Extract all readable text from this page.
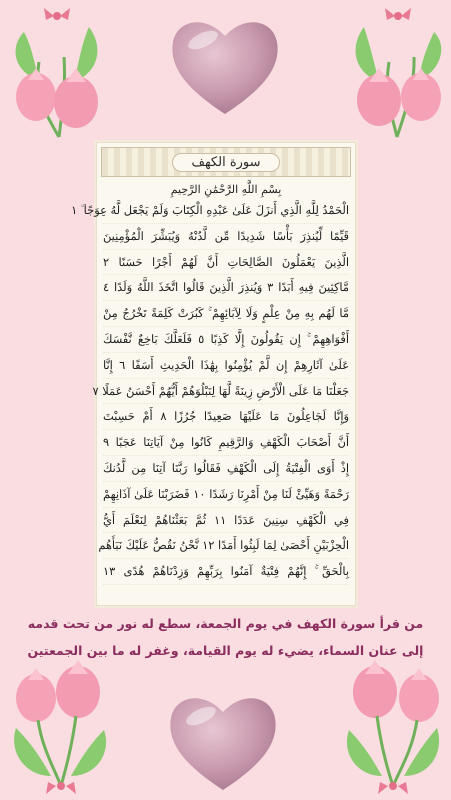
سورة الكهف
بِسْمِ اللَّهِ الرَّحْمَٰنِ الرَّحِيمِ
الْحَمْدُ لِلَّهِ الَّذِي أَنزَلَ عَلَىٰ عَبْدِهِ الْكِتَابَ وَلَمْ يَجْعَل لَّهُ عِوَجًا ۜ ١
قَيِّمًا لِّيُنذِرَ بَأْسًا شَدِيدًا مِّن لَّدُنْهُ وَيُبَشِّرَ الْمُؤْمِنِينَ
الَّذِينَ يَعْمَلُونَ الصَّالِحَاتِ أَنَّ لَهُمْ أَجْرًا حَسَنًا ٢
مَّاكِثِينَ فِيهِ أَبَدًا ٣ وَيُنذِرَ الَّذِينَ قَالُوا اتَّخَذَ اللَّهُ وَلَدًا ٤
مَّا لَهُم بِهِ مِنْ عِلْمٍ وَلَا لِآبَائِهِمْ ۚ كَبُرَتْ كَلِمَةً تَخْرُجُ مِنْ
أَفْوَاهِهِمْ ۚ إِن يَقُولُونَ إِلَّا كَذِبًا ٥ فَلَعَلَّكَ بَاخِعٌ نَّفْسَكَ
عَلَىٰ آثَارِهِمْ إِن لَّمْ يُؤْمِنُوا بِهَٰذَا الْحَدِيثِ أَسَفًا ٦ إِنَّا
جَعَلْنَا مَا عَلَى الْأَرْضِ زِينَةً لَّهَا لِنَبْلُوَهُمْ أَيُّهُمْ أَحْسَنُ عَمَلًا ٧
وَإِنَّا لَجَاعِلُونَ مَا عَلَيْهَا صَعِيدًا جُرُزًا ٨ أَمْ حَسِبْتَ
أَنَّ أَصْحَابَ الْكَهْفِ وَالرَّقِيمِ كَانُوا مِنْ آيَاتِنَا عَجَبًا ٩
إِذْ أَوَى الْفِتْيَةُ إِلَى الْكَهْفِ فَقَالُوا رَبَّنَا آتِنَا مِن لَّدُنكَ
رَحْمَةً وَهَيِّئْ لَنَا مِنْ أَمْرِنَا رَشَدًا ١٠ فَضَرَبْنَا عَلَىٰ آذَانِهِمْ
فِي الْكَهْفِ سِنِينَ عَدَدًا ١١ ثُمَّ بَعَثْنَاهُمْ لِنَعْلَمَ أَيُّ
الْحِزْبَيْنِ أَحْصَىٰ لِمَا لَبِثُوا أَمَدًا ١٢ نَّحْنُ نَقُصُّ عَلَيْكَ نَبَأَهُم
بِالْحَقِّ ۚ إِنَّهُمْ فِتْيَةٌ آمَنُوا بِرَبِّهِمْ وَزِدْنَاهُمْ هُدًى ١٣
من قرأ سورة الكهف في يوم الجمعة، سطع له نور من تحت قدمه
إلى عنان السماء، يضيء له يوم القيامة، وغفر له ما بين الجمعتين
